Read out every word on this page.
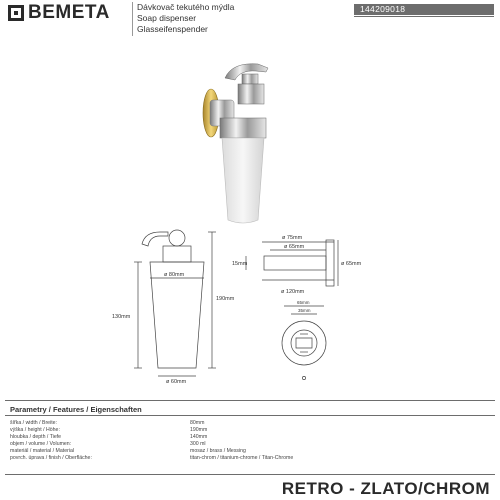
BEMETA	Dávkovač tekutého mýdla
Soap dispenser
Glasseifenspender
144209018
ø 80mm
190mm
130mm
ø 60mm
ø 75mm
ø 65mm
15mm
ø 120mm
ø 65mm
65mm
35mm
Parametry / Features / Eigenschaften
šířka / width / Breite:	80mm
výška / height / Höhe:	190mm
hloubka / depth / Tiefe	140mm
objem / volume / Volumen:	300 ml
materiál / material / Material	mosaz / brass / Messing
povrch. úprava / finish / Oberfläche:	titan-chrom / titanium-chrome / Titan-Chrome
RETRO - ZLATO/CHROM
